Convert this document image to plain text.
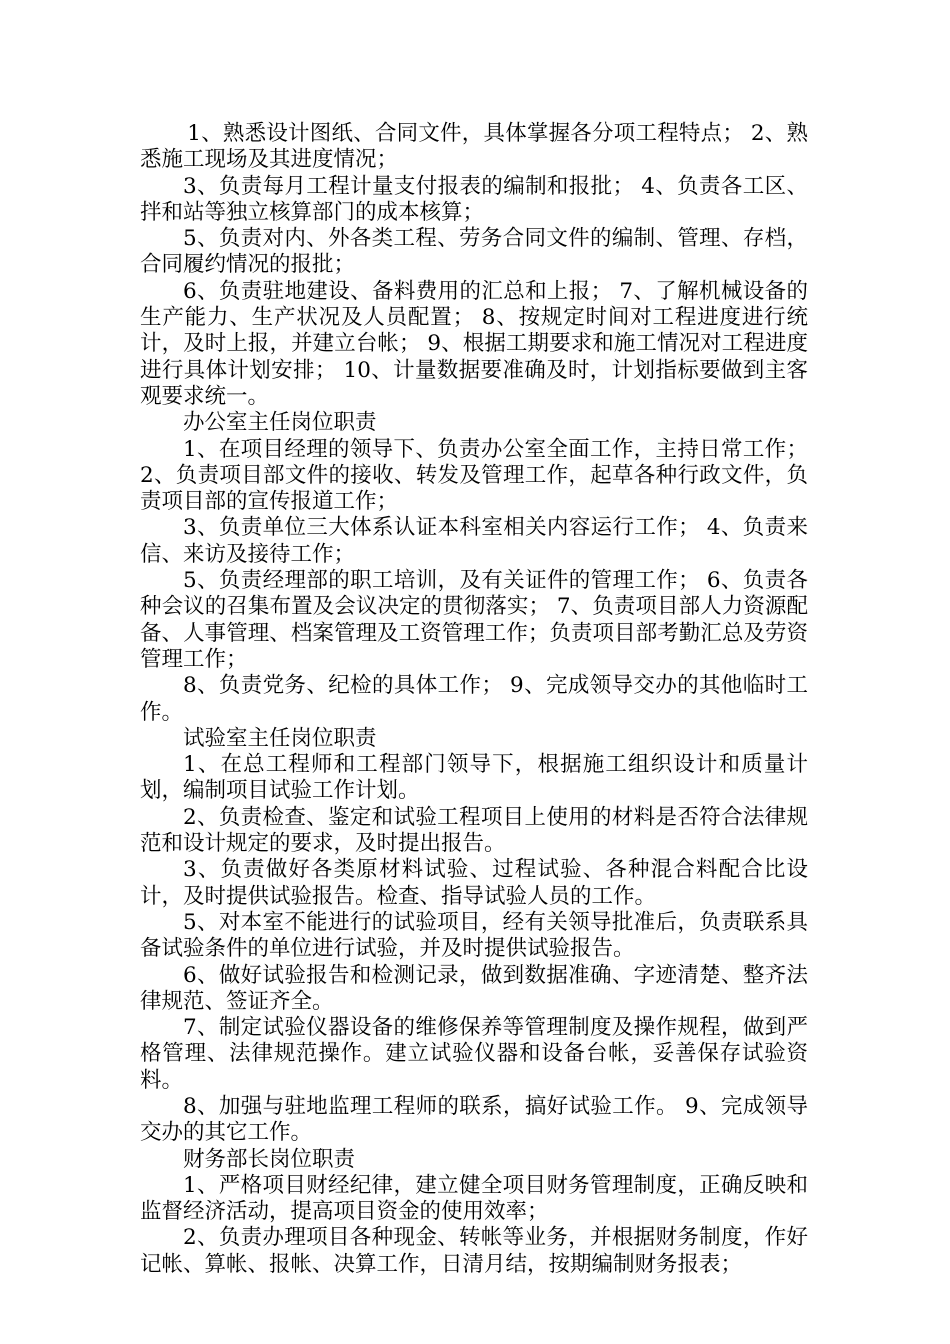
1、熟悉设计图纸、合同文件，具体掌握各分项工程特点； 2、熟悉施工现场及其进度情况；

3、负责每月工程计量支付报表的编制和报批； 4、负责各工区、拌和站等独立核算部门的成本核算；

5、负责对内、外各类工程、劳务合同文件的编制、管理、存档，合同履约情况的报批；

6、负责驻地建设、备料费用的汇总和上报； 7、了解机械设备的生产能力、生产状况及人员配置； 8、按规定时间对工程进度进行统计，及时上报，并建立台帐； 9、根据工期要求和施工情况对工程进度进行具体计划安排； 10、计量数据要准确及时，计划指标要做到主客观要求统一。

办公室主任岗位职责

1、在项目经理的领导下、负责办公室全面工作，主持日常工作； 2、负责项目部文件的接收、转发及管理工作，起草各种行政文件，负责项目部的宣传报道工作；

3、负责单位三大体系认证本科室相关内容运行工作； 4、负责来信、来访及接待工作；

5、负责经理部的职工培训，及有关证件的管理工作； 6、负责各种会议的召集布置及会议决定的贯彻落实； 7、负责项目部人力资源配备、人事管理、档案管理及工资管理工作；负责项目部考勤汇总及劳资管理工作；

8、负责党务、纪检的具体工作； 9、完成领导交办的其他临时工作。

试验室主任岗位职责

1、在总工程师和工程部门领导下，根据施工组织设计和质量计划，编制项目试验工作计划。

2、负责检查、鉴定和试验工程项目上使用的材料是否符合法律规范和设计规定的要求，及时提出报告。

3、负责做好各类原材料试验、过程试验、各种混合料配合比设计，及时提供试验报告。检查、指导试验人员的工作。

5、对本室不能进行的试验项目，经有关领导批准后，负责联系具备试验条件的单位进行试验，并及时提供试验报告。

6、做好试验报告和检测记录，做到数据准确、字迹清楚、整齐法律规范、签证齐全。

7、制定试验仪器设备的维修保养等管理制度及操作规程，做到严格管理、法律规范操作。建立试验仪器和设备台帐，妥善保存试验资料。

8、加强与驻地监理工程师的联系，搞好试验工作。 9、完成领导交办的其它工作。

财务部长岗位职责

1、严格项目财经纪律，建立健全项目财务管理制度，正确反映和监督经济活动，提高项目资金的使用效率；

2、负责办理项目各种现金、转帐等业务，并根据财务制度，作好记帐、算帐、报帐、决算工作，日清月结，按期编制财务报表；
